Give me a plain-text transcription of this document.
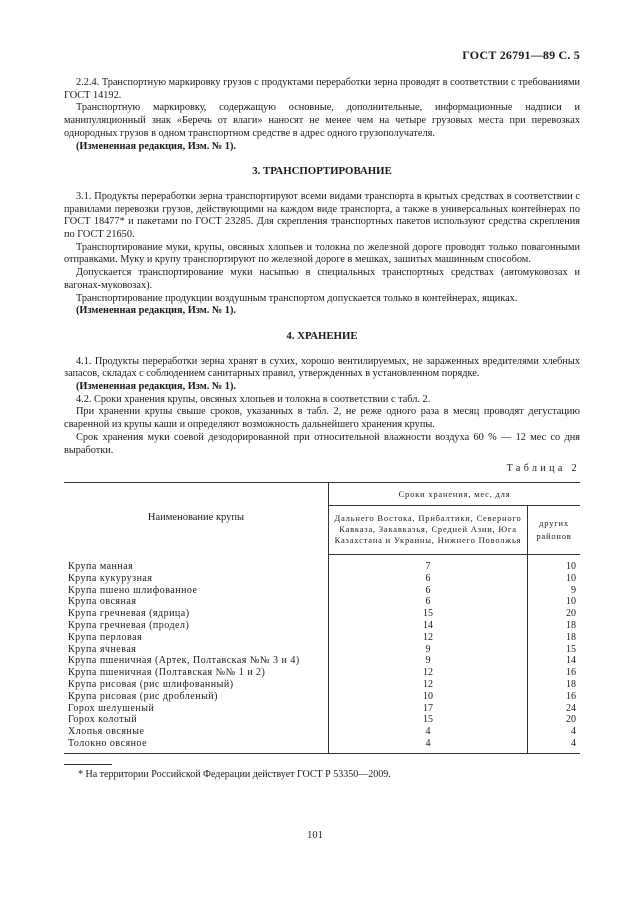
ГОСТ 26791—89 С. 5

2.2.4. Транспортную маркировку грузов с продуктами переработки зерна проводят в соответствии с требованиями ГОСТ 14192.

Транспортную маркировку, содержащую основные, дополнительные, информационные надписи и манипуляционный знак «Беречь от влаги» наносят не менее чем на четыре грузовых места при перевозках однородных грузов в одном транспортном средстве в адрес одного грузополучателя.

(Измененная редакция, Изм. № 1).

3. ТРАНСПОРТИРОВАНИЕ

3.1. Продукты переработки зерна транспортируют всеми видами транспорта в крытых средствах в соответствии с правилами перевозки грузов, действующими на каждом виде транспорта, а также в универсальных контейнерах по ГОСТ 18477* и пакетами по ГОСТ 23285. Для скрепления транспортных пакетов используют средства скрепления по ГОСТ 21650.

Транспортирование муки, крупы, овсяных хлопьев и толокна по железной дороге проводят только повагонными отправками. Муку и крупу транспортируют по железной дороге в мешках, зашитых машинным способом.

Допускается транспортирование муки насыпью в специальных транспортных средствах (автомуковозах и вагонах-муковозах).

Транспортирование продукции воздушным транспортом допускается только в контейнерах, ящиках.

(Измененная редакция, Изм. № 1).

4. ХРАНЕНИЕ

4.1. Продукты переработки зерна хранят в сухих, хорошо вентилируемых, не зараженных вредителями хлебных запасов, складах с соблюдением санитарных правил, утвержденных в установленном порядке.

(Измененная редакция, Изм. № 1).

4.2. Сроки хранения крупы, овсяных хлопьев и толокна в соответствии с табл. 2.

При хранении крупы свыше сроков, указанных в табл. 2, не реже одного раза в месяц проводят дегустацию сваренной из крупы каши и определяют возможность дальнейшего хранения крупы.

Срок хранения муки соевой дезодорированной при относительной влажности воздуха 60 % — 12 мес со дня выработки.

Таблица 2
Наименование крупы	Сроки хранения, мес, для	
	Дальнего Востока, Прибалтики, Северного Кавказа, Закавказья, Средней Азии, Юга Казахстана и Украины, Нижнего Поволжья	других районов
Крупа манная	7	10
Крупа кукурузная	6	10
Крупа пшено шлифованное	6	9
Крупа овсяная	6	10
Крупа гречневая (ядрица)	15	20
Крупа гречневая (продел)	14	18
Крупа перловая	12	18
Крупа ячневая	9	15
Крупа пшеничная (Артек, Полтавская №№ 3 и 4)	9	14
Крупа пшеничная (Полтавская №№ 1 и 2)	12	16
Крупа рисовая (рис шлифованный)	12	18
Крупа рисовая (рис дробленый)	10	16
Горох шелушеный	17	24
Горох колотый	15	20
Хлопья овсяные	4	4
Толокно овсяное	4	4
* На территории Российской Федерации действует ГОСТ Р 53350—2009.
101
